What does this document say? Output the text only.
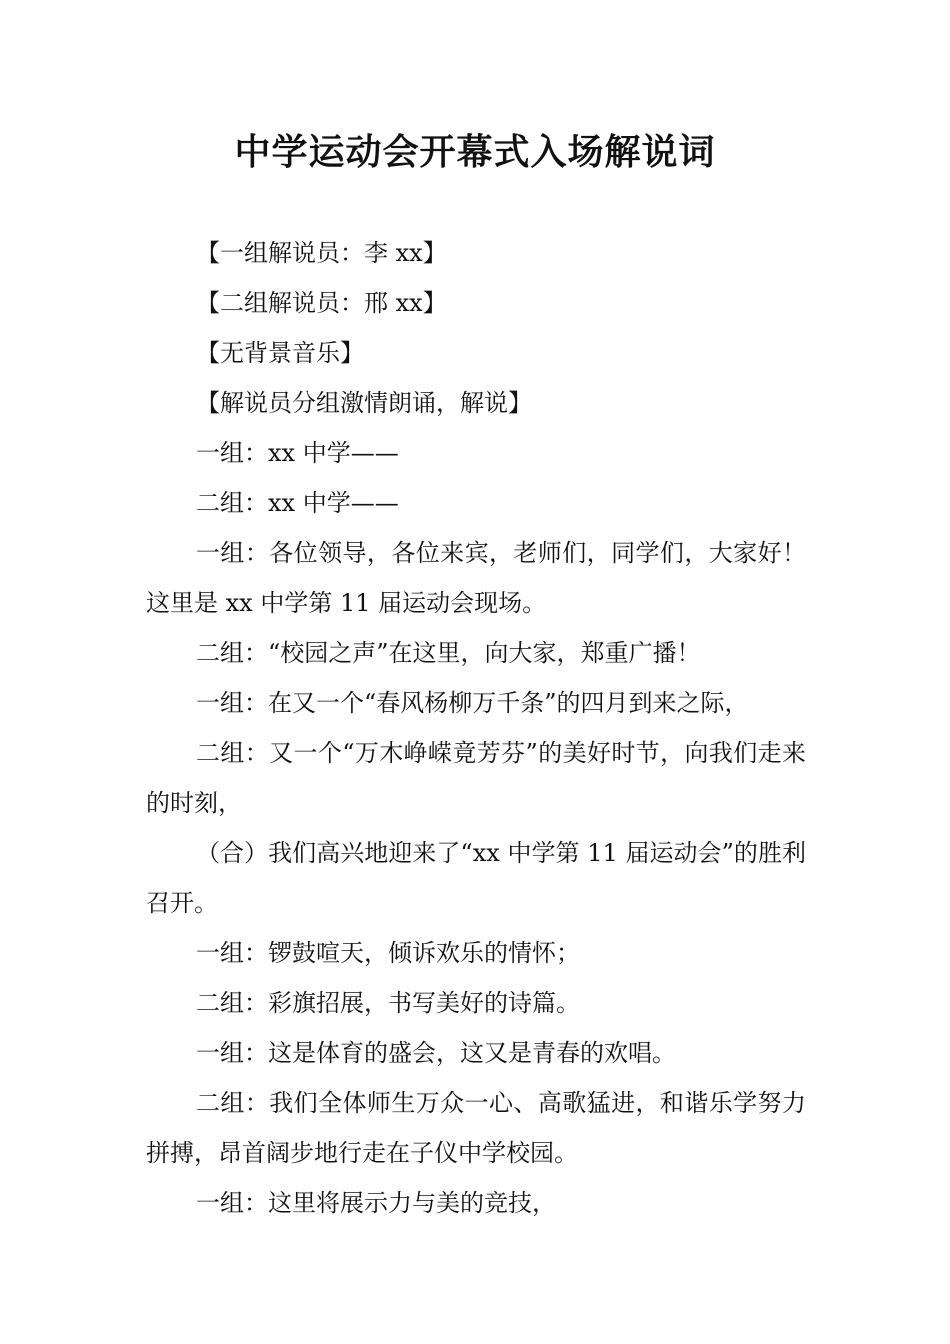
中学运动会开幕式入场解说词

【一组解说员：李 xx】

【二组解说员：邢 xx】

【无背景音乐】

【解说员分组激情朗诵，解说】

一组：xx 中学——

二组：xx 中学——

一组：各位领导，各位来宾，老师们，同学们，大家好！这里是 xx 中学第 11 届运动会现场。

二组：“校园之声”在这里，向大家，郑重广播！

一组：在又一个“春风杨柳万千条”的四月到来之际，

二组：又一个“万木峥嵘竟芳芬”的美好时节，向我们走来的时刻，

（合）我们高兴地迎来了“xx 中学第 11 届运动会”的胜利召开。

一组：锣鼓喧天，倾诉欢乐的情怀；

二组：彩旗招展，书写美好的诗篇。

一组：这是体育的盛会，这又是青春的欢唱。

二组：我们全体师生万众一心、高歌猛进，和谐乐学努力拼搏，昂首阔步地行走在子仪中学校园。

一组：这里将展示力与美的竞技，
